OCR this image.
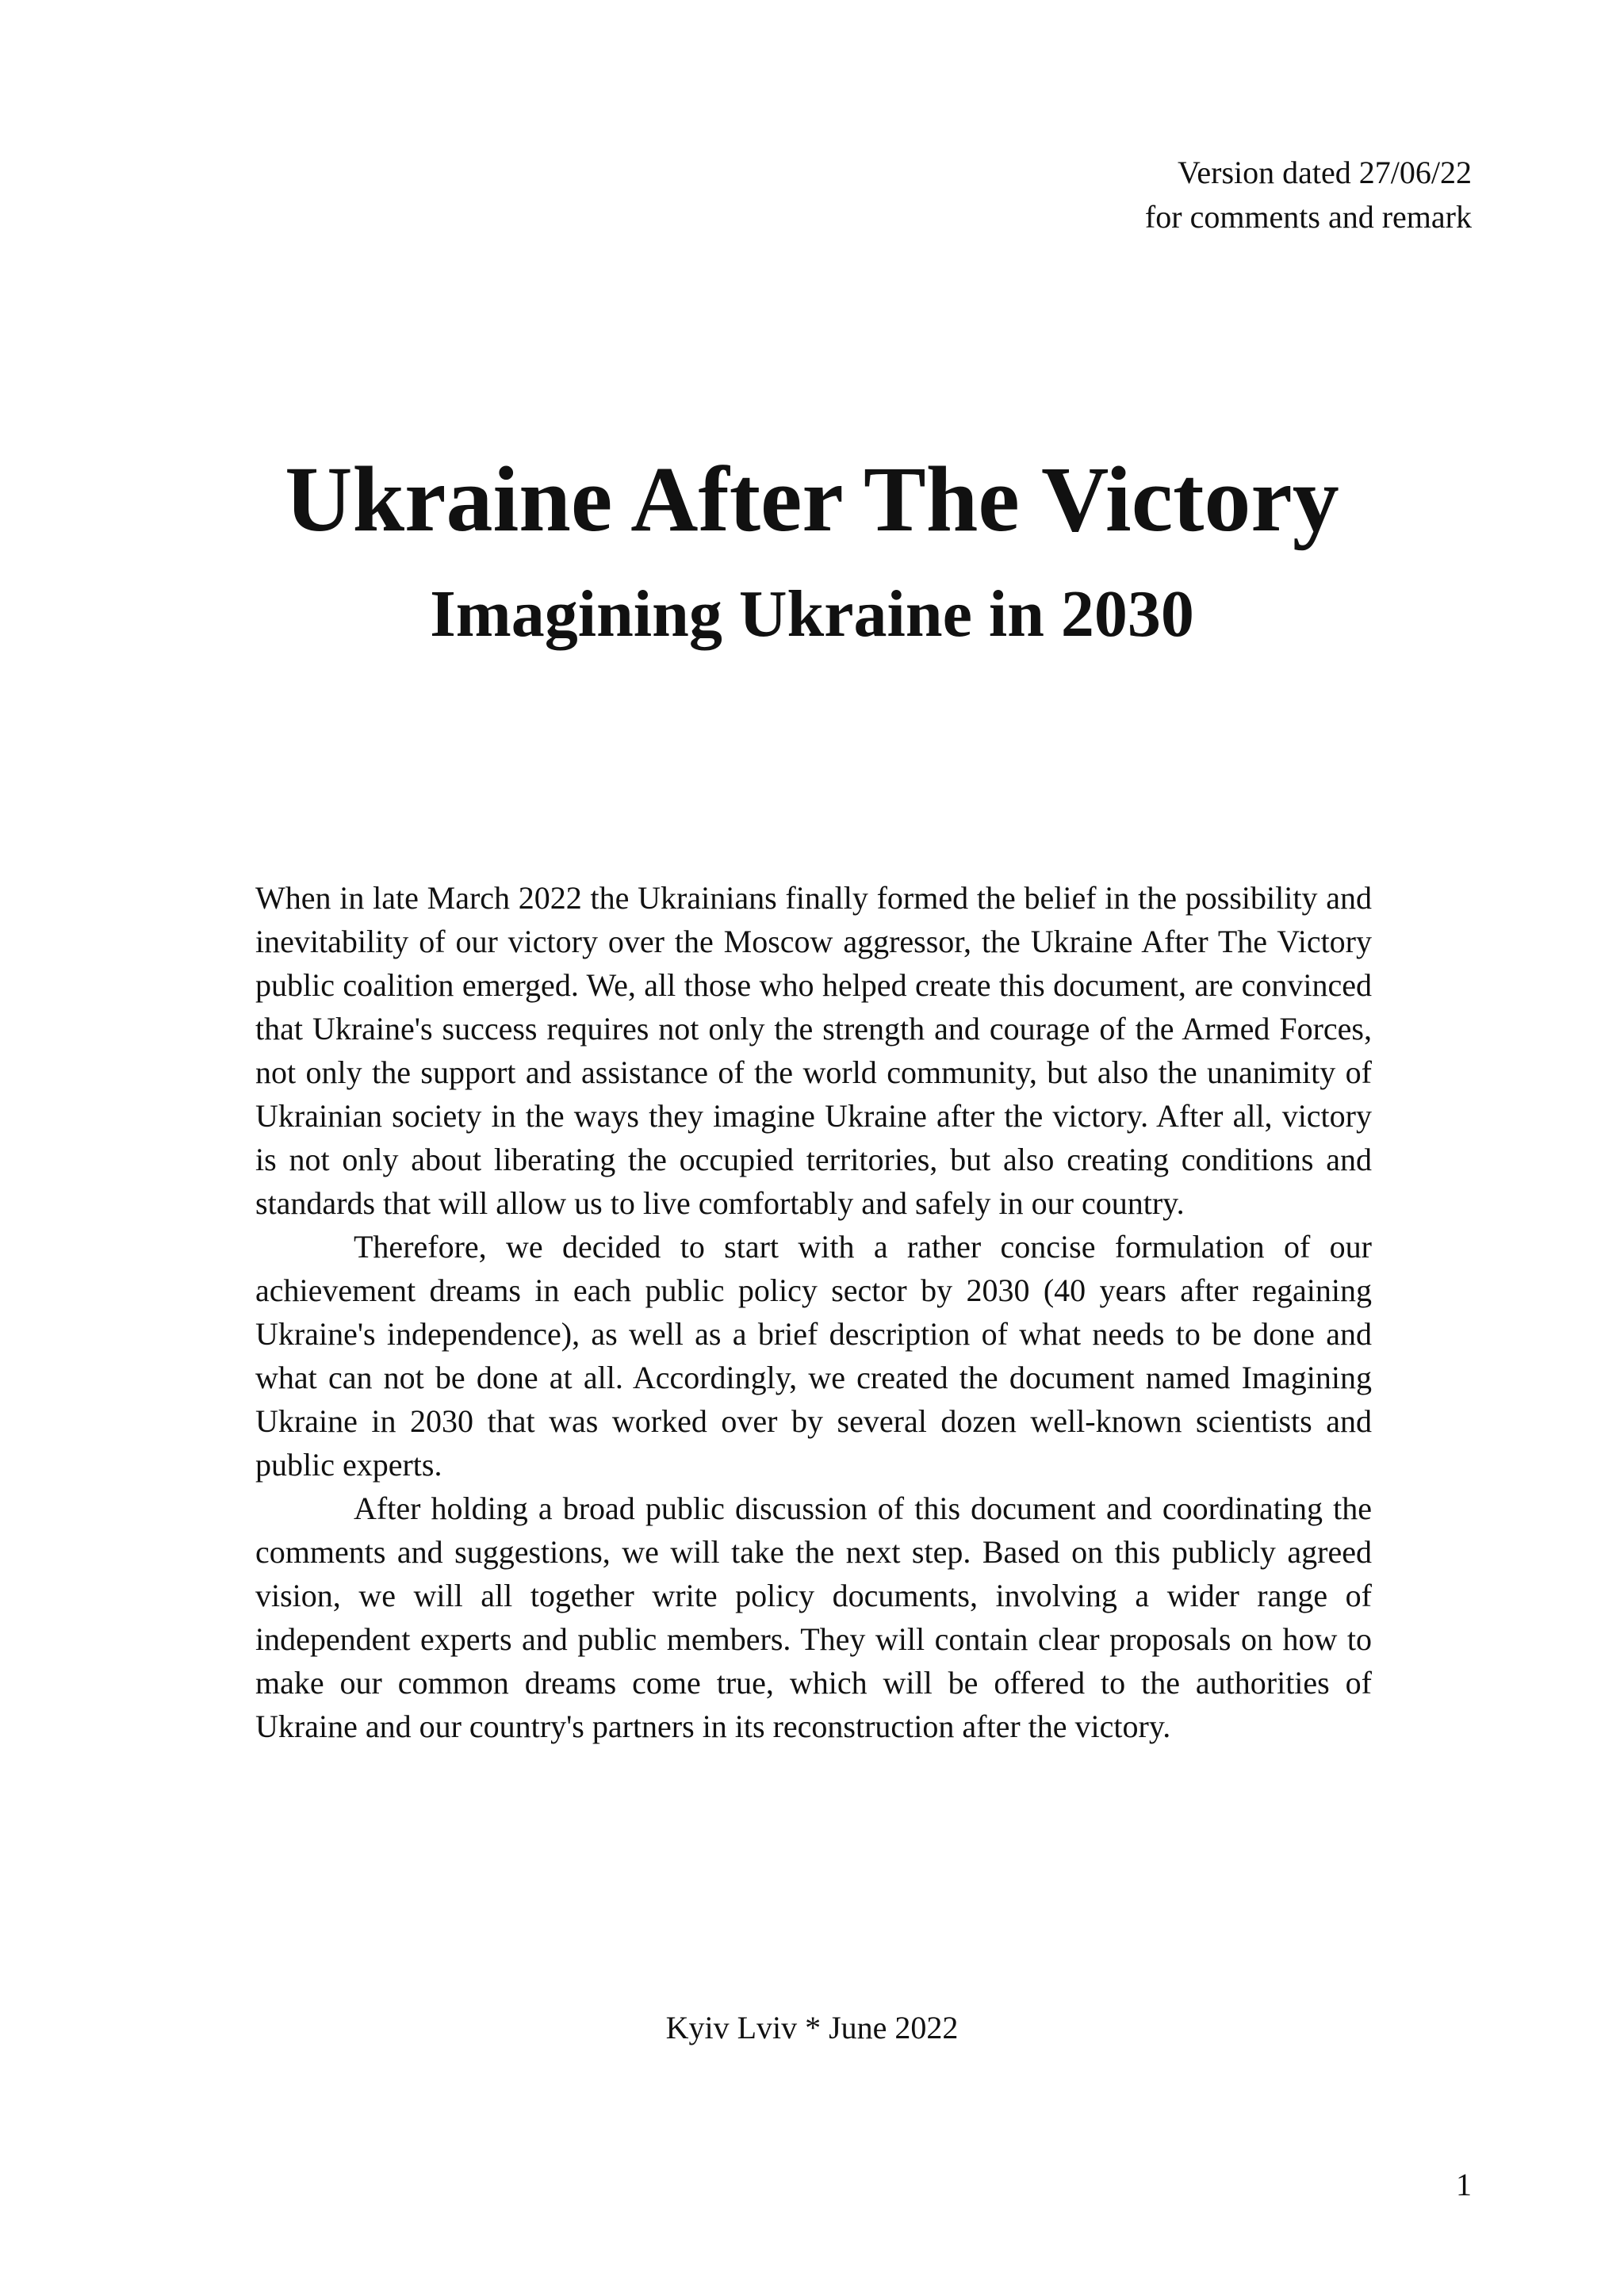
Version dated 27/06/22
for comments and remark
Ukraine After The Victory
Imagining Ukraine in 2030

When in late March 2022 the Ukrainians finally formed the belief in the possibility and inevitability of our victory over the Moscow aggressor, the Ukraine After The Victory public coalition emerged. We, all those who helped create this document, are convinced that Ukraine's success requires not only the strength and courage of the Armed Forces, not only the support and assistance of the world community, but also the unanimity of Ukrainian society in the ways they imagine Ukraine after the victory. After all, victory is not only about liberating the occupied territories, but also creating conditions and standards that will allow us to live comfortably and safely in our country.

Therefore, we decided to start with a rather concise formulation of our achievement dreams in each public policy sector by 2030 (40 years after regaining Ukraine's independence), as well as a brief description of what needs to be done and what can not be done at all. Accordingly, we created the document named Imagining Ukraine in 2030 that was worked over by several dozen well-known scientists and public experts.

After holding a broad public discussion of this document and coordinating the comments and suggestions, we will take the next step. Based on this publicly agreed vision, we will all together write policy documents, involving a wider range of independent experts and public members. They will contain clear proposals on how to make our common dreams come true, which will be offered to the authorities of Ukraine and our country's partners in its reconstruction after the victory.

Kyiv Lviv * June 2022
1
